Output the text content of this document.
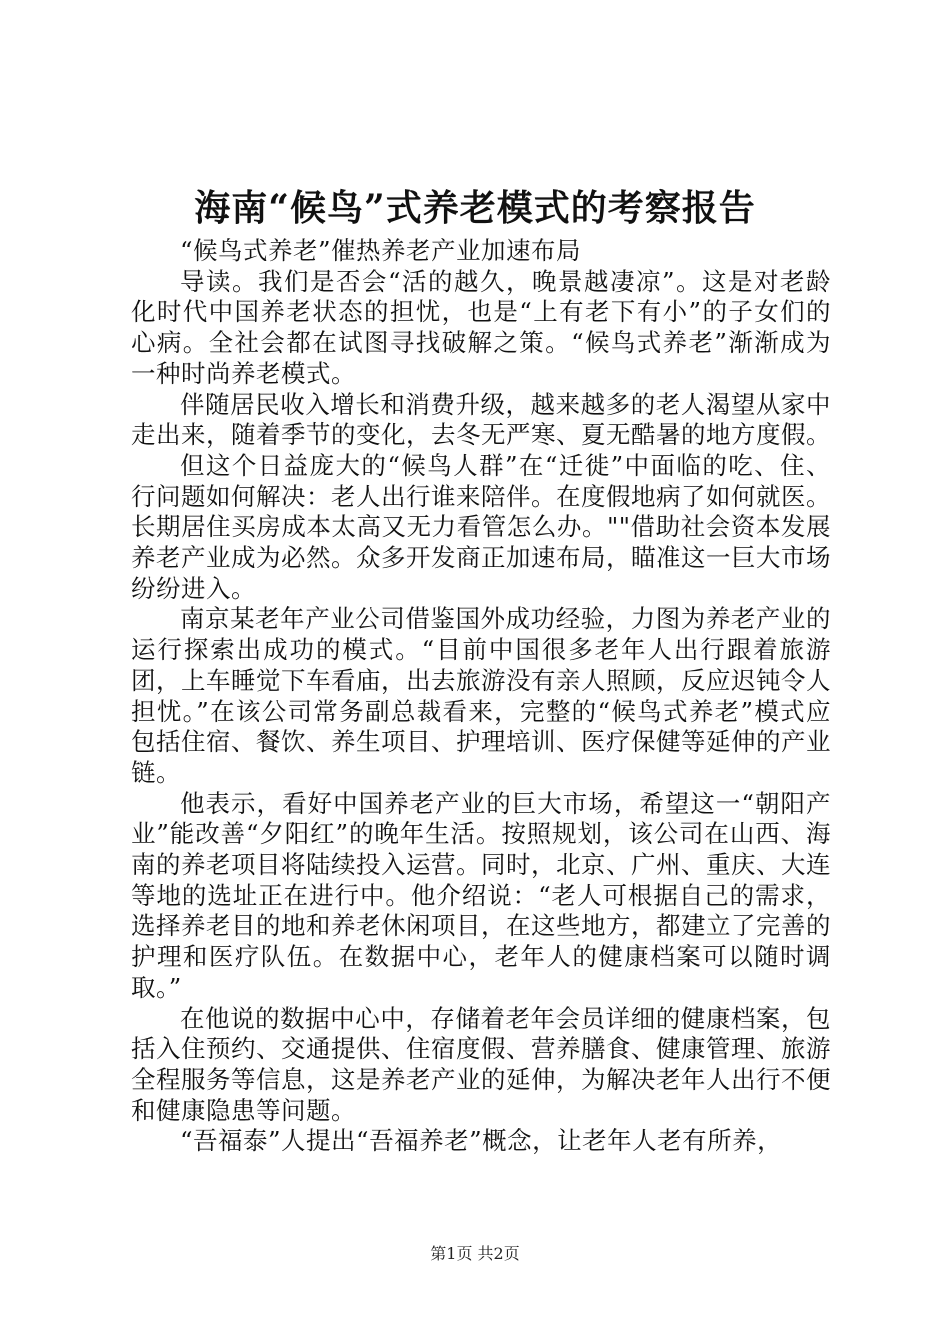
海南“候鸟”式养老模式的考察报告

“候鸟式养老”催热养老产业加速布局

导读。我们是否会“活的越久，晚景越凄凉”。这是对老龄化时代中国养老状态的担忧，也是“上有老下有小”的子女们的心病。全社会都在试图寻找破解之策。“候鸟式养老”渐渐成为一种时尚养老模式。

伴随居民收入增长和消费升级，越来越多的老人渴望从家中走出来，随着季节的变化，去冬无严寒、夏无酷暑的地方度假。

但这个日益庞大的“候鸟人群”在“迁徙”中面临的吃、住、行问题如何解决：老人出行谁来陪伴。在度假地病了如何就医。长期居住买房成本太高又无力看管怎么办。""借助社会资本发展养老产业成为必然。众多开发商正加速布局，瞄准这一巨大市场纷纷进入。

南京某老年产业公司借鉴国外成功经验，力图为养老产业的运行探索出成功的模式。“目前中国很多老年人出行跟着旅游团，上车睡觉下车看庙，出去旅游没有亲人照顾，反应迟钝令人担忧。”在该公司常务副总裁看来，完整的“候鸟式养老”模式应包括住宿、餐饮、养生项目、护理培训、医疗保健等延伸的产业链。

他表示，看好中国养老产业的巨大市场，希望这一“朝阳产业”能改善“夕阳红”的晚年生活。按照规划，该公司在山西、海南的养老项目将陆续投入运营。同时，北京、广州、重庆、大连等地的选址正在进行中。他介绍说：“老人可根据自己的需求，选择养老目的地和养老休闲项目，在这些地方，都建立了完善的护理和医疗队伍。在数据中心，老年人的健康档案可以随时调取。”

在他说的数据中心中，存储着老年会员详细的健康档案，包括入住预约、交通提供、住宿度假、营养膳食、健康管理、旅游全程服务等信息，这是养老产业的延伸，为解决老年人出行不便和健康隐患等问题。

“吾福泰”人提出“吾福养老”概念，让老年人老有所养，

第1页 共2页
